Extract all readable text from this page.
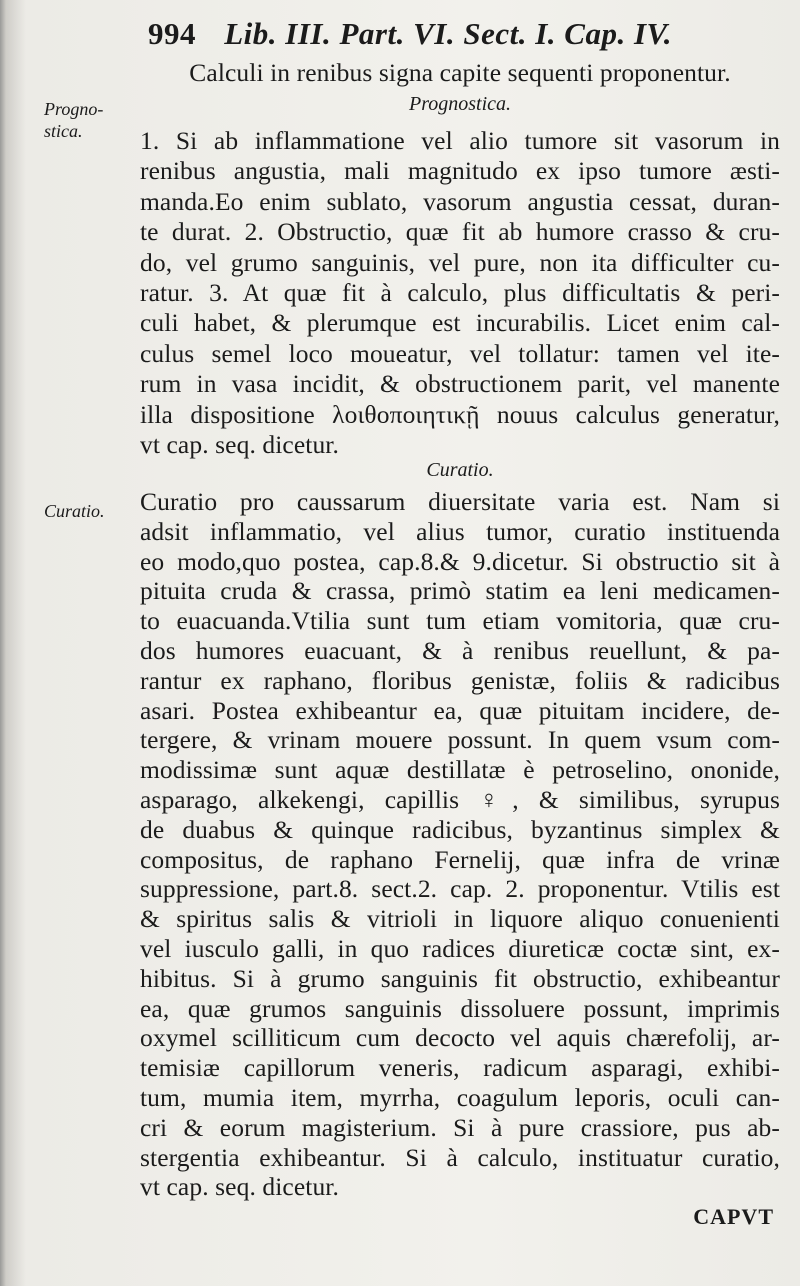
994 Lib. III. Part. VI. Sect. I. Cap. IV.
Calculi in renibus signa capite sequenti proponentur.
Progno-
stica.
Prognostica.
1. Si ab inflammatione vel alio tumore sit vasorum in
renibus angustia, mali magnitudo ex ipso tumore æsti-
manda.Eo enim sublato, vasorum angustia cessat, duran-
te durat. 2. Obstructio, quæ fit ab humore crasso & cru-
do, vel grumo sanguinis, vel pure, non ita difficulter cu-
ratur. 3. At quæ fit à calculo, plus difficultatis & peri-
culi habet, & plerumque est incurabilis. Licet enim cal-
culus semel loco moueatur, vel tollatur: tamen vel ite-
rum in vasa incidit, & obstructionem parit, vel manente
illa dispositione λοιθοποιητικῇ nouus calculus generatur,
vt cap. seq. dicetur.
Curatio.
Curatio.
Curatio pro caussarum diuersitate varia est. Nam si
adsit inflammatio, vel alius tumor, curatio instituenda
eo modo,quo postea, cap.8.& 9.dicetur. Si obstructio sit à
pituita cruda & crassa, primò statim ea leni medicamen-
to euacuanda.Vtilia sunt tum etiam vomitoria, quæ cru-
dos humores euacuant, & à renibus reuellunt, & pa-
rantur ex raphano, floribus genistæ, foliis & radicibus
asari. Postea exhibeantur ea, quæ pituitam incidere, de-
tergere, & vrinam mouere possunt. In quem vsum com-
modissimæ sunt aquæ destillatæ è petroselino, ononide,
asparago, alkekengi, capillis ♀, & similibus, syrupus
de duabus & quinque radicibus, byzantinus simplex &
compositus, de raphano Fernelij, quæ infra de vrinæ
suppressione, part.8. sect.2. cap. 2. proponentur. Vtilis est
& spiritus salis & vitrioli in liquore aliquo conuenienti
vel iusculo galli, in quo radices diureticæ coctæ sint, ex-
hibitus. Si à grumo sanguinis fit obstructio, exhibeantur
ea, quæ grumos sanguinis dissoluere possunt, imprimis
oxymel scilliticum cum decocto vel aquis chærefolij, ar-
temisiæ capillorum veneris, radicum asparagi, exhibi-
tum, mumia item, myrrha, coagulum leporis, oculi can-
cri & eorum magisterium. Si à pure crassiore, pus ab-
stergentia exhibeantur. Si à calculo, instituatur curatio,
vt cap. seq. dicetur.
CAPVT
